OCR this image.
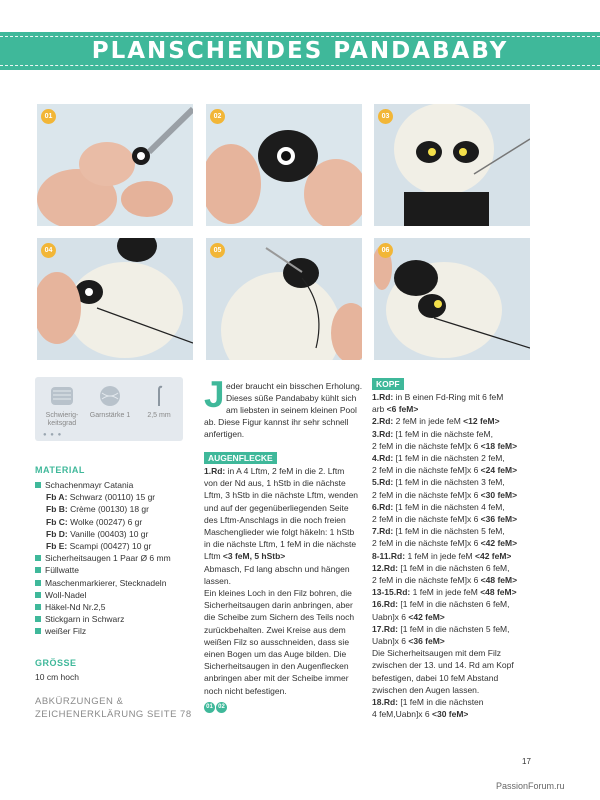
PLANSCHENDES PANDABABY
01	02	03
04	05	06
Schwierig-
keitsgrad
Garnstärke 1	2,5 mm
● ● ●
MATERIAL
Schachenmayr Catania
Fb A: Schwarz (00110) 15 gr
Fb B: Crème (00130) 18 gr
Fb C: Wolke (00247) 6 gr
Fb D: Vanille (00403) 10 gr
Fb E: Scampi (00427) 10 gr
Sicherheitsaugen 1 Paar Ø 6 mm
Füllwatte
Maschenmarkierer, Stecknadeln
Woll-Nadel
Häkel-Nd Nr.2,5
Stickgarn in Schwarz
weißer Filz
GRÖSSE
10 cm hoch
ABKÜRZUNGEN &
ZEICHENERKLÄRUNG SEITE 78
J eder braucht ein bisschen Erholung.
Dieses süße Pandababy kühlt sich
am liebsten in seinem kleinen Pool
ab. Diese Figur kannst ihr sehr schnell
anfertigen.
AUGENFLECKE

1.Rd: in A 4 Lftm, 2 feM in die 2. Lftm

von der Nd aus, 1 hStb in die nächste

Lftm, 3 hStb in die nächste Lftm, wenden

und auf der gegenüberliegenden Seite

des Lftm-Anschlags in die noch freien

Maschenglieder wie folgt häkeln: 1 hStb

in die nächste Lftm, 1 feM in die nächste

Lftm <3 feM, 5 hStb>

Abmasch, Fd lang abschn und hängen

lassen.

Ein kleines Loch in den Filz bohren, die

Sicherheitsaugen darin anbringen, aber

die Scheibe zum Sichern des Teils noch

zurückbehalten. Zwei Kreise aus dem

weißen Filz so ausschneiden, dass sie

einen Bogen um das Auge bilden. Die

Sicherheitsaugen in den Augenflecken

anbringen aber mit der Scheibe immer

noch nicht befestigen.

01 02

KOPF

1.Rd: in B einen Fd-Ring mit 6 feM

arb <6 feM>

2.Rd: 2 feM in jede feM <12 feM>

3.Rd: [1 feM in die nächste feM,

2 feM in die nächste feM]x 6 <18 feM>

4.Rd: [1 feM in die nächsten 2 feM,

2 feM in die nächste feM]x 6 <24 feM>

5.Rd: [1 feM in die nächsten 3 feM,

2 feM in die nächste feM]x 6 <30 feM>

6.Rd: [1 feM in die nächsten 4 feM,

2 feM in die nächste feM]x 6 <36 feM>

7.Rd: [1 feM in die nächsten 5 feM,

2 feM in die nächste feM]x 6 <42 feM>

8-11.Rd: 1 feM in jede feM <42 feM>

12.Rd: [1 feM in die nächsten 6 feM,

2 feM in die nächste feM]x 6 <48 feM>

13-15.Rd: 1 feM in jede feM <48 feM>

16.Rd: [1 feM in die nächsten 6 feM,

Uabn]x 6 <42 feM>

17.Rd: [1 feM in die nächsten 5 feM,

Uabn]x 6 <36 feM>

Die Sicherheitsaugen mit dem Filz

zwischen der 13. und 14. Rd am Kopf

befestigen, dabei 10 feM Abstand

zwischen den Augen lassen.

18.Rd: [1 feM in die nächsten

4 feM,Uabn]x 6 <30 feM>

17
PassionForum.ru
